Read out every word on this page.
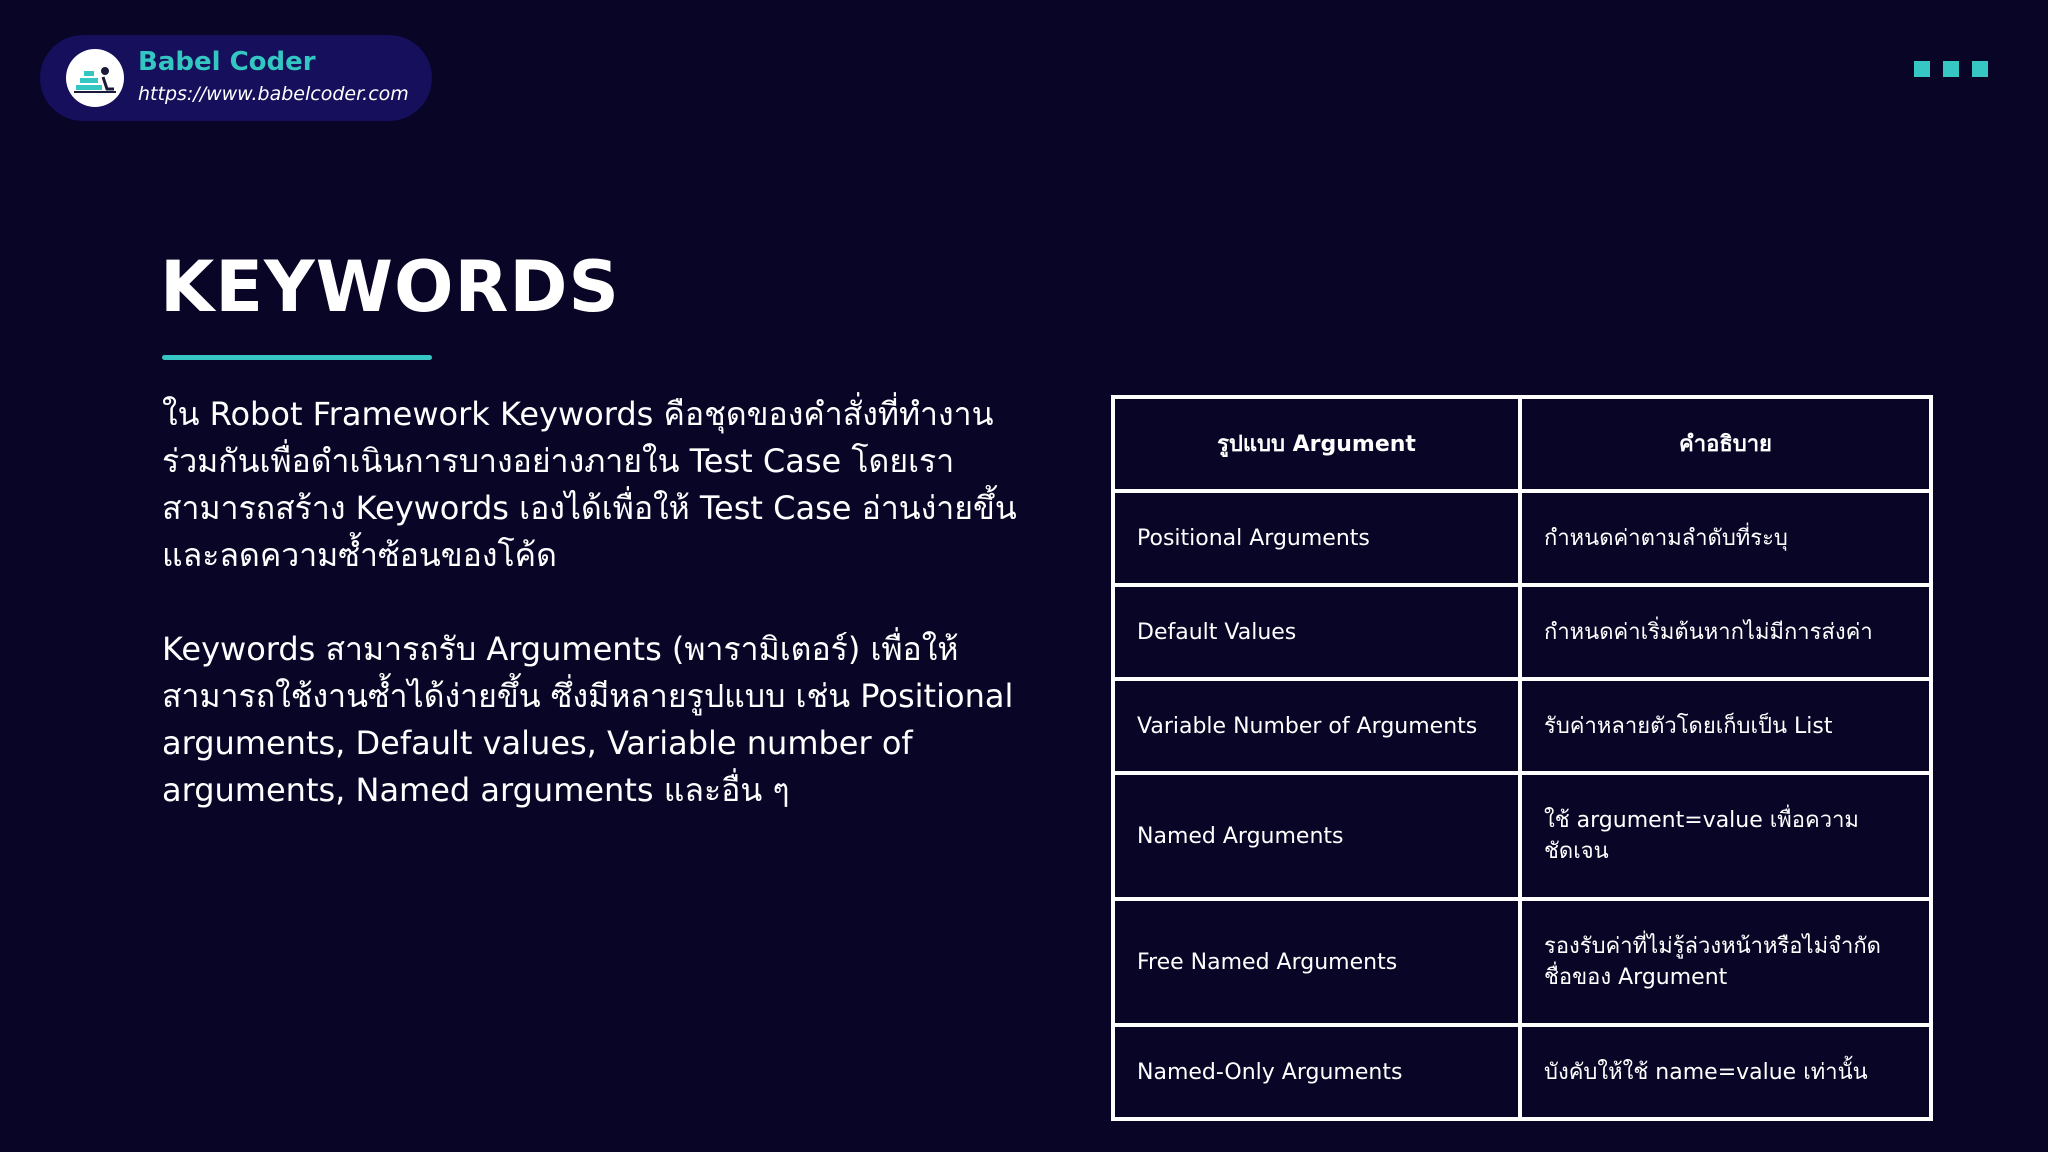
Babel Coder
https://www.babelcoder.com
KEYWORDS

ใน Robot Framework Keywords คือชุดของคำสั่งที่ทำงานร่วมกันเพื่อดำเนินการบางอย่างภายใน Test Case โดยเราสามารถสร้าง Keywords เองได้เพื่อให้ Test Case อ่านง่ายขึ้นและลดความซ้ำซ้อนของโค้ด

Keywords สามารถรับ Arguments (พารามิเตอร์) เพื่อให้สามารถใช้งานซ้ำได้ง่ายขึ้น ซึ่งมีหลายรูปแบบ เช่น Positional arguments, Default values, Variable number of arguments, Named arguments และอื่น ๆ

รูปแบบ Argument	คำอธิบาย
Positional Arguments	กำหนดค่าตามลำดับที่ระบุ
Default Values	กำหนดค่าเริ่มต้นหากไม่มีการส่งค่า
Variable Number of Arguments	รับค่าหลายตัวโดยเก็บเป็น List
Named Arguments	ใช้ argument=value เพื่อความชัดเจน
Free Named Arguments	รองรับค่าที่ไม่รู้ล่วงหน้าหรือไม่จำกัดชื่อของ Argument
Named-Only Arguments	บังคับให้ใช้ name=value เท่านั้น
